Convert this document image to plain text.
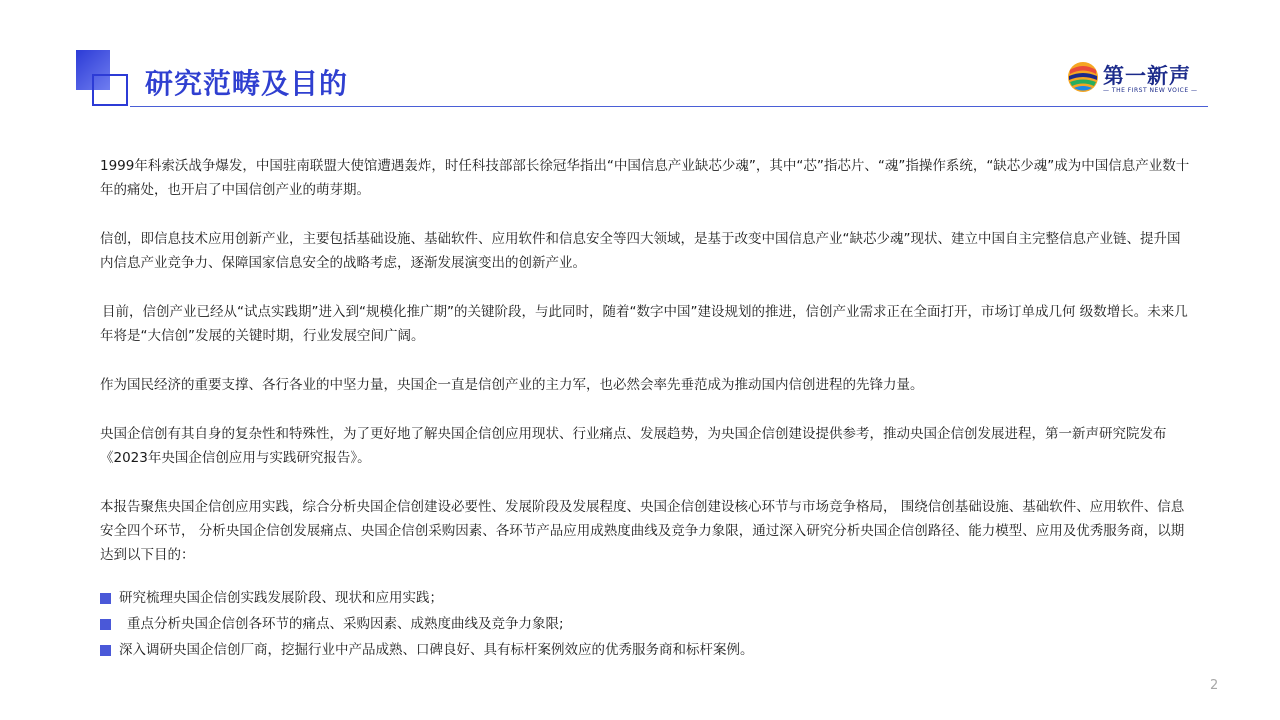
研究范畴及目的	第一新声
— THE FIRST NEW VOICE —

1999年科索沃战争爆发，中国驻南联盟大使馆遭遇轰炸，时任科技部部长徐冠华指出“中国信息产业缺芯少魂”，其中“芯”指芯片、“魂”指操作系统，“缺芯少魂”成为中国信息产业数十年的痛处，也开启了中国信创产业的萌芽期。

信创，即信息技术应用创新产业，主要包括基础设施、基础软件、应用软件和信息安全等四大领域，是基于改变中国信息产业“缺芯少魂”现状、建立中国自主完整信息产业链、提升国内信息产业竞争力、保障国家信息安全的战略考虑，逐渐发展演变出的创新产业。

目前，信创产业已经从“试点实践期”进入到“规模化推广期”的关键阶段，与此同时，随着“数字中国”建设规划的推进，信创产业需求正在全面打开，市场订单成几何 级数增长。未来几年将是“大信创”发展的关键时期，行业发展空间广阔。

作为国民经济的重要支撑、各行各业的中坚力量，央国企一直是信创产业的主力军，也必然会率先垂范成为推动国内信创进程的先锋力量。

央国企信创有其自身的复杂性和特殊性，为了更好地了解央国企信创应用现状、行业痛点、发展趋势，为央国企信创建设提供参考，推动央国企信创发展进程，第一新声研究院发布《2023年央国企信创应用与实践研究报告》。

本报告聚焦央国企信创应用实践，综合分析央国企信创建设必要性、发展阶段及发展程度、央国企信创建设核心环节与市场竞争格局， 围绕信创基础设施、基础软件、应用软件、信息安全四个环节， 分析央国企信创发展痛点、央国企信创采购因素、各环节产品应用成熟度曲线及竞争力象限，通过深入研究分析央国企信创路径、能力模型、应用及优秀服务商，以期达到以下目的：

研究梳理央国企信创实践发展阶段、现状和应用实践；
重点分析央国企信创各环节的痛点、采购因素、成熟度曲线及竞争力象限;
深入调研央国企信创厂商，挖掘行业中产品成熟、口碑良好、具有标杆案例效应的优秀服务商和标杆案例。
2
